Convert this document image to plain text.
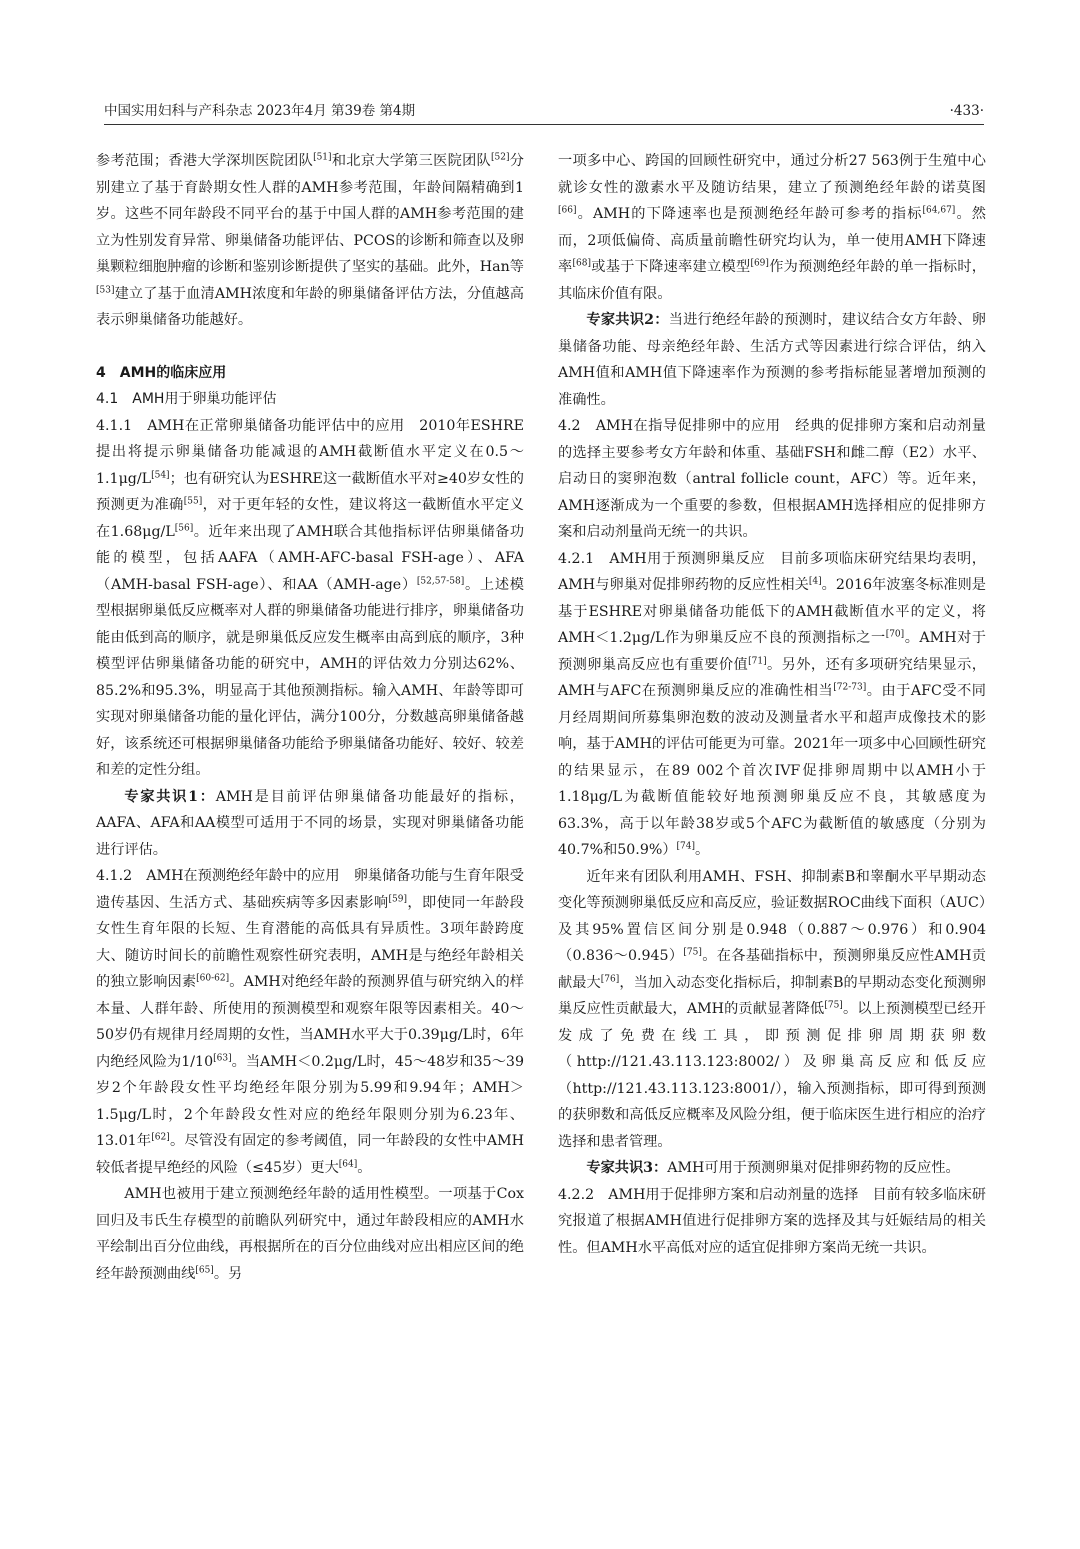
中国实用妇科与产科杂志 2023年4月 第39卷 第4期	·433·

参考范围；香港大学深圳医院团队[51]和北京大学第三医院团队[52]分别建立了基于育龄期女性人群的AMH参考范围，年龄间隔精确到1岁。这些不同年龄段不同平台的基于中国人群的AMH参考范围的建立为性别发育异常、卵巢储备功能评估、PCOS的诊断和筛查以及卵巢颗粒细胞肿瘤的诊断和鉴别诊断提供了坚实的基础。此外，Han等[53]建立了基于血清AMH浓度和年龄的卵巢储备评估方法，分值越高表示卵巢储备功能越好。

4　AMH的临床应用

4.1　AMH用于卵巢功能评估

4.1.1　AMH在正常卵巢储备功能评估中的应用　2010年ESHRE提出将提示卵巢储备功能减退的AMH截断值水平定义在0.5～1.1μg/L[54]；也有研究认为ESHRE这一截断值水平对≥40岁女性的预测更为准确[55]，对于更年轻的女性，建议将这一截断值水平定义在1.68μg/L[56]。近年来出现了AMH联合其他指标评估卵巢储备功能的模型，包括AAFA（AMH-AFC-basal FSH-age）、AFA（AMH-basal FSH-age）、和AA（AMH-age）[52,57-58]。上述模型根据卵巢低反应概率对人群的卵巢储备功能进行排序，卵巢储备功能由低到高的顺序，就是卵巢低反应发生概率由高到底的顺序，3种模型评估卵巢储备功能的研究中，AMH的评估效力分别达62%、85.2%和95.3%，明显高于其他预测指标。输入AMH、年龄等即可实现对卵巢储备功能的量化评估，满分100分，分数越高卵巢储备越好，该系统还可根据卵巢储备功能给予卵巢储备功能好、较好、较差和差的定性分组。

专家共识1：AMH是目前评估卵巢储备功能最好的指标，AAFA、AFA和AA模型可适用于不同的场景，实现对卵巢储备功能进行评估。

4.1.2　AMH在预测绝经年龄中的应用　卵巢储备功能与生育年限受遗传基因、生活方式、基础疾病等多因素影响[59]，即使同一年龄段女性生育年限的长短、生育潜能的高低具有异质性。3项年龄跨度大、随访时间长的前瞻性观察性研究表明，AMH是与绝经年龄相关的独立影响因素[60-62]。AMH对绝经年龄的预测界值与研究纳入的样本量、人群年龄、所使用的预测模型和观察年限等因素相关。40～50岁仍有规律月经周期的女性，当AMH水平大于0.39μg/L时，6年内绝经风险为1/10[63]。当AMH＜0.2μg/L时，45～48岁和35～39岁2个年龄段女性平均绝经年限分别为5.99和9.94年；AMH＞1.5μg/L时，2个年龄段女性对应的绝经年限则分别为6.23年、13.01年[62]。尽管没有固定的参考阈值，同一年龄段的女性中AMH较低者提早绝经的风险（≤45岁）更大[64]。

AMH也被用于建立预测绝经年龄的适用性模型。一项基于Cox回归及韦氏生存模型的前瞻队列研究中，通过年龄段相应的AMH水平绘制出百分位曲线，再根据所在的百分位曲线对应出相应区间的绝经年龄预测曲线[65]。另

一项多中心、跨国的回顾性研究中，通过分析27 563例于生殖中心就诊女性的激素水平及随访结果，建立了预测绝经年龄的诺莫图[66]。AMH的下降速率也是预测绝经年龄可参考的指标[64,67]。然而，2项低偏倚、高质量前瞻性研究均认为，单一使用AMH下降速率[68]或基于下降速率建立模型[69]作为预测绝经年龄的单一指标时，其临床价值有限。

专家共识2：当进行绝经年龄的预测时，建议结合女方年龄、卵巢储备功能、母亲绝经年龄、生活方式等因素进行综合评估，纳入AMH值和AMH值下降速率作为预测的参考指标能显著增加预测的准确性。

4.2　AMH在指导促排卵中的应用　经典的促排卵方案和启动剂量的选择主要参考女方年龄和体重、基础FSH和雌二醇（E2）水平、启动日的窦卵泡数（antral follicle count，AFC）等。近年来，AMH逐渐成为一个重要的参数，但根据AMH选择相应的促排卵方案和启动剂量尚无统一的共识。

4.2.1　AMH用于预测卵巢反应　目前多项临床研究结果均表明，AMH与卵巢对促排卵药物的反应性相关[4]。2016年波塞冬标准则是基于ESHRE对卵巢储备功能低下的AMH截断值水平的定义，将AMH＜1.2μg/L作为卵巢反应不良的预测指标之一[70]。AMH对于预测卵巢高反应也有重要价值[71]。另外，还有多项研究结果显示，AMH与AFC在预测卵巢反应的准确性相当[72-73]。由于AFC受不同月经周期间所募集卵泡数的波动及测量者水平和超声成像技术的影响，基于AMH的评估可能更为可靠。2021年一项多中心回顾性研究的结果显示，在89 002个首次IVF促排卵周期中以AMH小于1.18μg/L为截断值能较好地预测卵巢反应不良，其敏感度为63.3%，高于以年龄38岁或5个AFC为截断值的敏感度（分别为40.7%和50.9%）[74]。

近年来有团队利用AMH、FSH、抑制素B和睾酮水平早期动态变化等预测卵巢低反应和高反应，验证数据ROC曲线下面积（AUC）及其95%置信区间分别是0.948（0.887～0.976）和0.904（0.836～0.945）[75]。在各基础指标中，预测卵巢反应性AMH贡献最大[76]，当加入动态变化指标后，抑制素B的早期动态变化预测卵巢反应性贡献最大，AMH的贡献显著降低[75]。以上预测模型已经开发成了免费在线工具，即预测促排卵周期获卵数（http://121.43.113.123:8002/）及卵巢高反应和低反应（http://121.43.113.123:8001/），输入预测指标，即可得到预测的获卵数和高低反应概率及风险分组，便于临床医生进行相应的治疗选择和患者管理。

专家共识3：AMH可用于预测卵巢对促排卵药物的反应性。

4.2.2　AMH用于促排卵方案和启动剂量的选择　目前有较多临床研究报道了根据AMH值进行促排卵方案的选择及其与妊娠结局的相关性。但AMH水平高低对应的适宜促排卵方案尚无统一共识。
